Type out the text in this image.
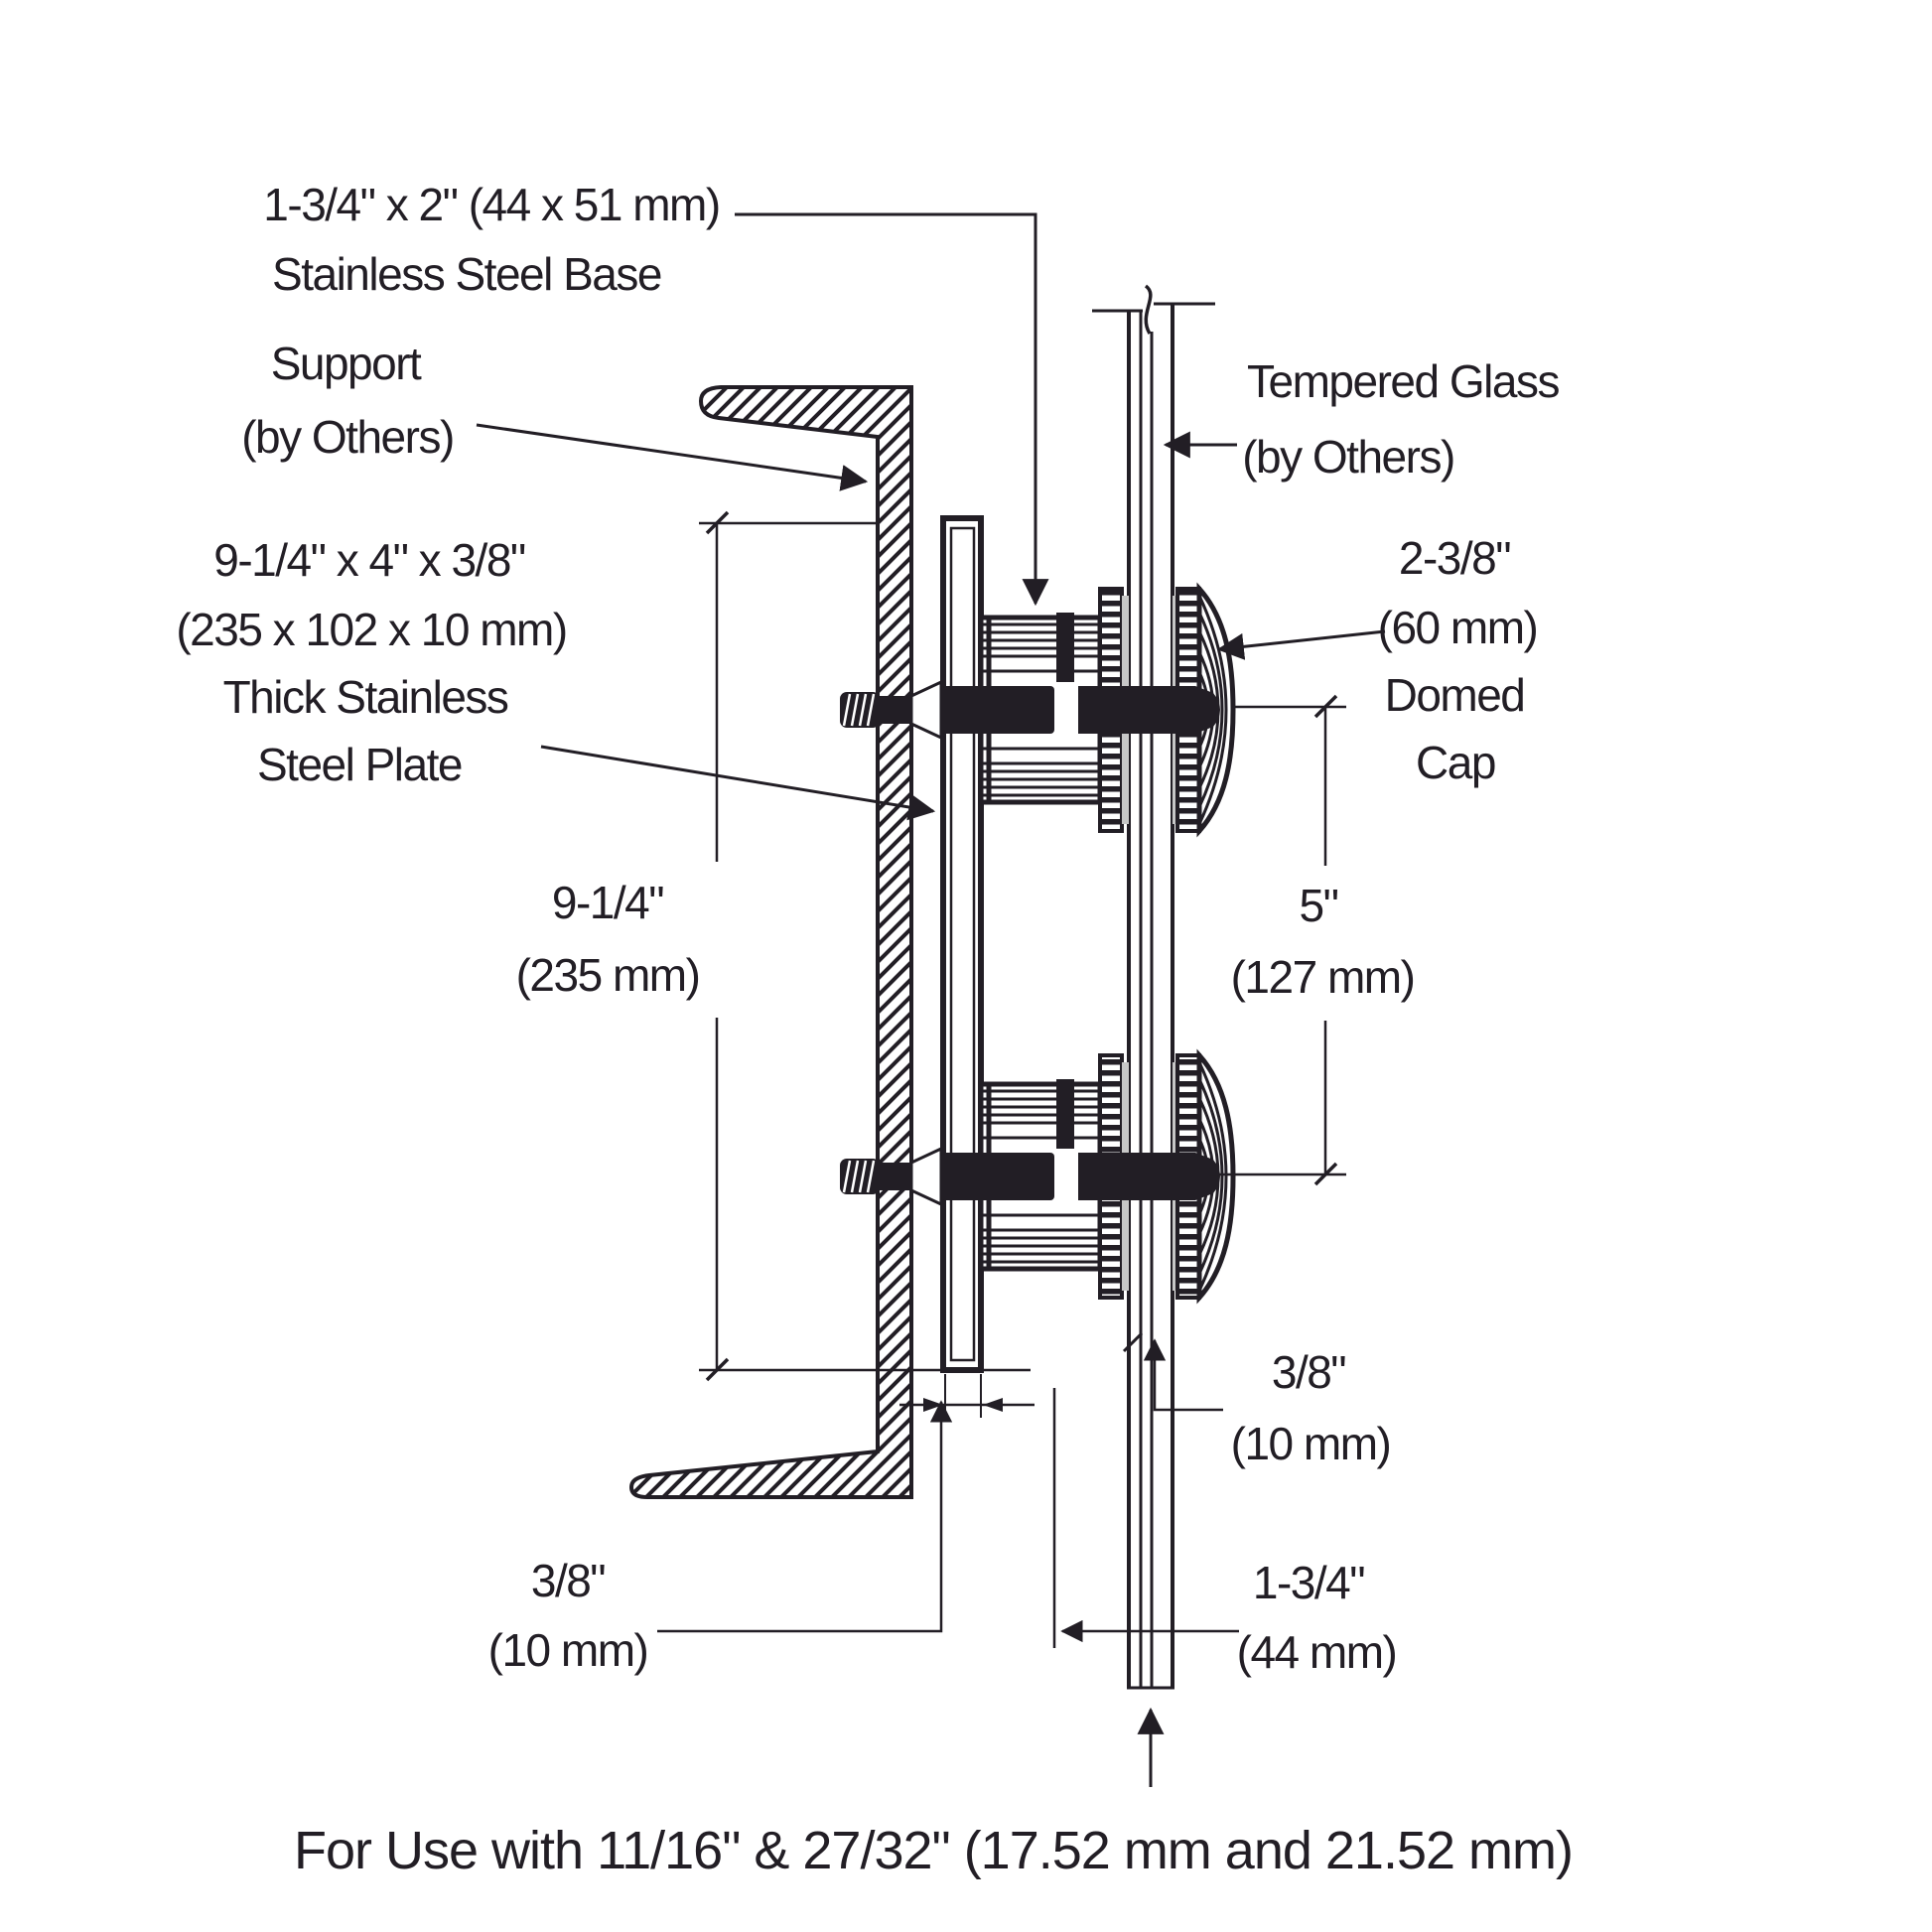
1-3/4" x 2" (44 x 51 mm)
Stainless Steel Base
Support
(by Others)
9-1/4" x 4" x 3/8"
(235 x 102 x 10 mm)
Thick Stainless
Steel Plate
Tempered Glass
(by Others)
2-3/8"
(60 mm)
Domed
Cap
9-1/4"
(235 mm)
5"
(127 mm)
3/8"
(10 mm)
3/8"
(10 mm)
1-3/4"
(44 mm)
For Use with 11/16" & 27/32" (17.52 mm and 21.52 mm)
